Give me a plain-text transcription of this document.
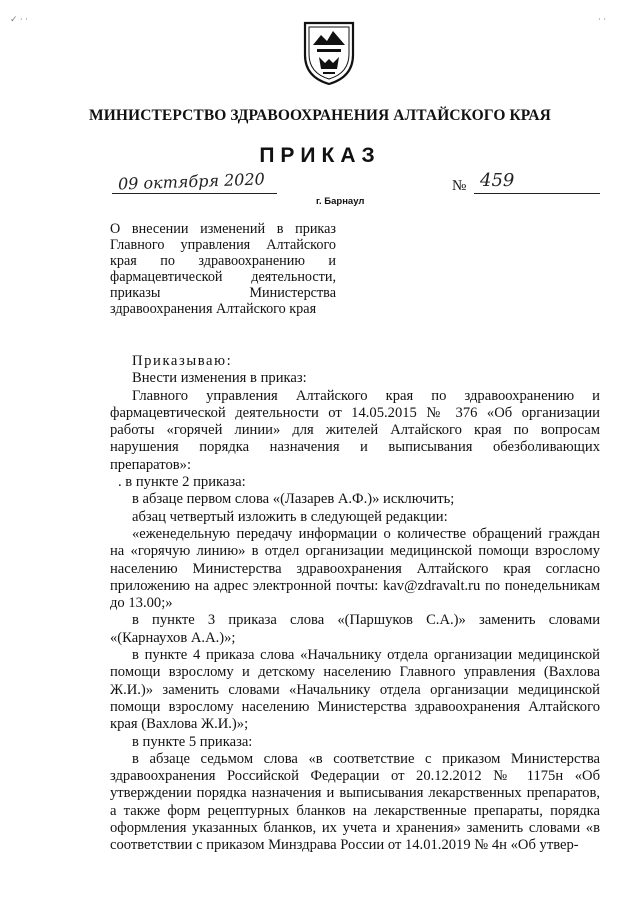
✓ · ·	· ·
МИНИСТЕРСТВО ЗДРАВООХРАНЕНИЯ АЛТАЙСКОГО КРАЯ
ПРИКАЗ
09 октября 2020
г. Барнаул
№ 459
О внесении изменений в приказ Главного управления Алтайского края по здравоохранению и фармацевтической деятельности, приказы Министерства здравоохранения Алтайского края

Приказываю:

Внести изменения в приказ:

Главного управления Алтайского края по здравоохранению и фармацевтической деятельности от 14.05.2015 № 376 «Об организации работы «горячей линии» для жителей Алтайского края по вопросам нарушения порядка назначения и выписывания обезболивающих препаратов»:

. в пункте 2 приказа:

в абзаце первом слова «(Лазарев А.Ф.)» исключить;

абзац четвертый изложить в следующей редакции:

«еженедельную передачу информации о количестве обращений граждан на «горячую линию» в отдел организации медицинской помощи взрослому населению Министерства здравоохранения Алтайского края согласно приложению на адрес электронной почты: kav@zdravalt.ru по понедельникам до 13.00;»

в пункте 3 приказа слова «(Паршуков С.А.)» заменить словами «(Карнаухов А.А.)»;

в пункте 4 приказа слова «Начальнику отдела организации медицинской помощи взрослому и детскому населению Главного управления (Вахлова Ж.И.)» заменить словами «Начальнику отдела организации медицинской помощи взрослому населению Министерства здравоохранения Алтайского края (Вахлова Ж.И.)»;

в пункте 5 приказа:

в абзаце седьмом слова «в соответствие с приказом Министерства здравоохранения Российской Федерации от 20.12.2012 № 1175н «Об утверждении порядка назначения и выписывания лекарственных препаратов, а также форм рецептурных бланков на лекарственные препараты, порядка оформления указанных бланков, их учета и хранения» заменить словами «в соответствии с приказом Минздрава России от 14.01.2019 № 4н «Об утвер-
